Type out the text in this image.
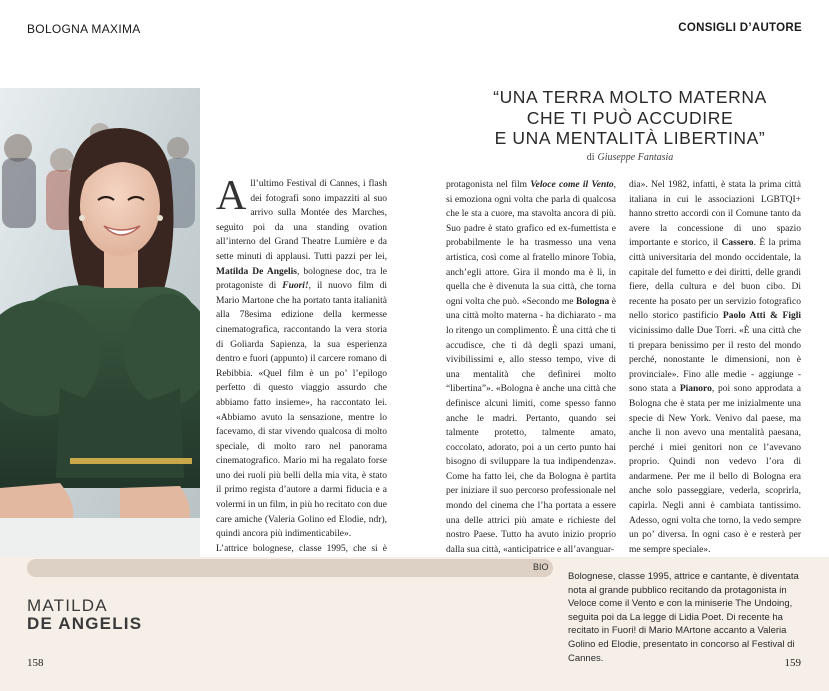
BOLOGNA MAXIMA	CONSIGLI D’AUTORE
“UNA TERRA MOLTO MATERNA
CHE TI PUÒ ACCUDIRE
E UNA MENTALITÀ LIBERTINA”
di Giuseppe Fantasia

All’ultimo Festival di Cannes, i flash dei fotografi sono impazziti al suo arrivo sulla Montée des Marches, seguito poi da una standing ovation all’interno del Grand Theatre Lumière e da sette minuti di applausi. Tutti pazzi per lei, Matilda De Angelis, bolognese doc, tra le protagoniste di Fuori!, il nuovo film di Mario Martone che ha portato tanta italianità alla 78esima edizione della kermesse cinematografica, raccontando la vera storia di Goliarda Sapienza, la sua esperienza dentro e fuori (appunto) il carcere romano di Rebibbia. «Quel film è un po’ l’epilogo perfetto di questo viaggio assurdo che abbiamo fatto insieme», ha raccontato lei. «Abbiamo avuto la sensazione, mentre lo facevamo, di star vivendo qualcosa di molto speciale, di molto raro nel panorama cinematografico. Mario mi ha regalato forse uno dei ruoli più belli della mia vita, è stato il primo regista d’autore a darmi fiducia e a volermi in un film, in più ho recitato con due care amiche (Valeria Golino ed Elodie, ndr), quindi ancora più indimenticabile».

L’attrice bolognese, classe 1995, che si è

protagonista nel film Veloce come il Vento, si emoziona ogni volta che parla di qualcosa che le sta a cuore, ma stavolta ancora di più. Suo padre è stato grafico ed ex-fumettista e probabilmente le ha trasmesso una vena artistica, così come al fratello minore Tobia, anch’egli attore. Gira il mondo ma è lì, in quella che è divenuta la sua città, che torna ogni volta che può. «Secondo me Bologna è una città molto materna - ha dichiarato - ma lo ritengo un complimento. È una città che ti accudisce, che ti dà degli spazi umani, vivibilissimi e, allo stesso tempo, vive di una mentalità che definirei molto “libertina”». «Bologna è anche una città che definisce alcuni limiti, come spesso fanno anche le madri. Pertanto, quando sei talmente protetto, talmente amato, coccolato, adorato, poi a un certo punto hai bisogno di sviluppare la tua indipendenza». Come ha fatto lei, che da Bologna è partita per iniziare il suo percorso professionale nel mondo del cinema che l’ha portata a essere una delle attrici più amate e richieste del nostro Paese. Tutto ha avuto inizio proprio dalla sua città, «anticipatrice e all’avanguar-

dia». Nel 1982, infatti, è stata la prima città italiana in cui le associazioni LGBTQI+ hanno stretto accordi con il Comune tanto da avere la concessione di uno spazio importante e storico, il Cassero. È la prima città universitaria del mondo occidentale, la capitale del fumetto e dei diritti, delle grandi fiere, della cultura e del buon cibo. Di recente ha posato per un servizio fotografico nello storico pastificio Paolo Atti & Figli vicinissimo dalle Due Torri. «È una città che ti prepara benissimo per il resto del mondo perché, nonostante le dimensioni, non è provinciale». Fino alle medie - aggiunge - sono stata a Pianoro, poi sono approdata a Bologna che è stata per me inizialmente una specie di New York. Venivo dal paese, ma anche lì non avevo una mentalità paesana, perché i miei genitori non ce l’avevano proprio. Quindi non vedevo l’ora di andarmene. Per me il bello di Bologna era anche solo passeggiare, vederla, scoprirla, capirla. Negli anni è cambiata tantissimo. Adesso, ogni volta che torno, la vedo sempre un po’ diversa. In ogni caso è e resterà per me sempre speciale».

BIO
MATILDA
DE ANGELIS
Bolognese, classe 1995, attrice e cantante, è diventata nota al grande pubblico recitando da protagonista in Veloce come il Vento e con la miniserie The Undoing, seguita poi da La legge di Lidia Poet. Di recente ha recitato in Fuori! di Mario MArtone accanto a Valeria Golino ed Elodie, presentato in concorso al Festival di Cannes.
158	159
